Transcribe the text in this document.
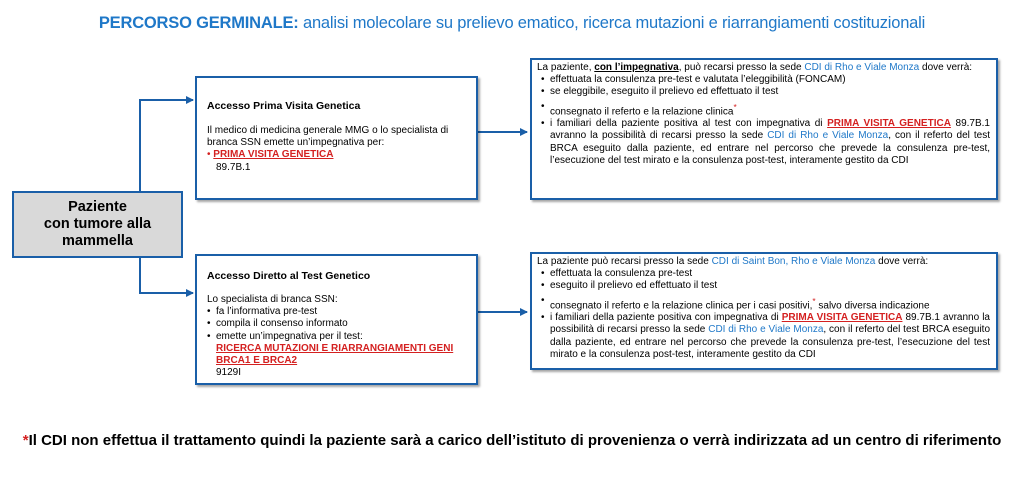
PERCORSO GERMINALE: analisi molecolare su prelievo ematico, ricerca mutazioni e riarrangiamenti costituzionali
Paziente
con tumore alla
mammella
Accesso Prima Visita Genetica
Il medico di medicina generale MMG o lo specialista di branca SSN emette un’impegnativa per:
• PRIMA VISITA GENETICA
89.7B.1
Accesso Diretto al Test Genetico
Lo specialista di branca SSN:
• fa l’informativa pre-test
• compila il consenso informato
• emette un’impegnativa per il test:
RICERCA MUTAZIONI E RIARRANGIAMENTI GENI BRCA1 E BRCA2
9129I
La paziente, con l’impegnativa, può recarsi presso la sede CDI di Rho e Viale Monza dove verrà:
• effettuata la consulenza pre-test e valutata l’eleggibilità (FONCAM)
• se eleggibile, eseguito il prelievo ed effettuato il test
• consegnato il referto e la relazione clinica*
• i familiari della paziente positiva al test con impegnativa di PRIMA VISITA GENETICA 89.7B.1 avranno la possibilità di recarsi presso la sede CDI di Rho e Viale Monza, con il referto del test BRCA eseguito dalla paziente, ed entrare nel percorso che prevede la consulenza pre-test, l’esecuzione del test mirato e la consulenza post-test, interamente gestito da CDI
La paziente può recarsi presso la sede CDI di Saint Bon, Rho e Viale Monza dove verrà:
• effettuata la consulenza pre-test
• eseguito il prelievo ed effettuato il test
• consegnato il referto e la relazione clinica per i casi positivi,* salvo diversa indicazione
• i familiari della paziente positiva con impegnativa di PRIMA VISITA GENETICA 89.7B.1 avranno la possibilità di recarsi presso la sede CDI di Rho e Viale Monza, con il referto del test BRCA eseguito dalla paziente, ed entrare nel percorso che prevede la consulenza pre-test, l’esecuzione del test mirato e la consulenza post-test, interamente gestito da CDI
*Il CDI non effettua il trattamento quindi la paziente sarà a carico dell’istituto di provenienza o verrà indirizzata ad un centro di riferimento
